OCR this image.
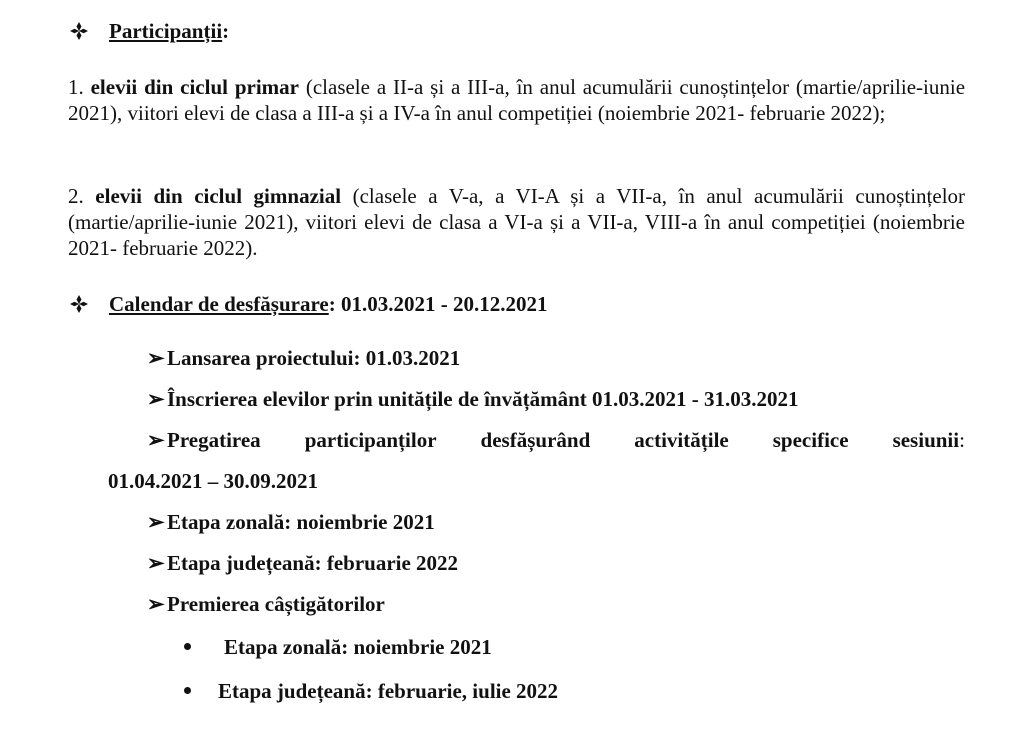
Participanții:
1. elevii din ciclul primar (clasele a II-a și a III-a, în anul acumulării cunoștințelor (martie/aprilie-iunie 2021), viitori elevi de clasa a III-a și a IV-a în anul competiției (noiembrie 2021- februarie 2022);
2. elevii din ciclul gimnazial (clasele a V-a, a VI-A și a VII-a, în anul acumulării cunoștințelor (martie/aprilie-iunie 2021), viitori elevi de clasa a VI-a și a VII-a, VIII-a în anul competiției (noiembrie 2021- februarie 2022).
Calendar de desfășurare: 01.03.2021 - 20.12.2021
➢ Lansarea proiectului: 01.03.2021
➢ Înscrierea elevilor prin unitățile de învățământ 01.03.2021 - 31.03.2021
➢ Pregatirea participanților desfășurând activitățile specifice sesiunii:
01.04.2021 – 30.09.2021
➢ Etapa zonală: noiembrie 2021
➢ Etapa județeană: februarie 2022
➢ Premierea câștigătorilor
Etapa zonală: noiembrie 2021
Etapa județeană: februarie, iulie 2022
